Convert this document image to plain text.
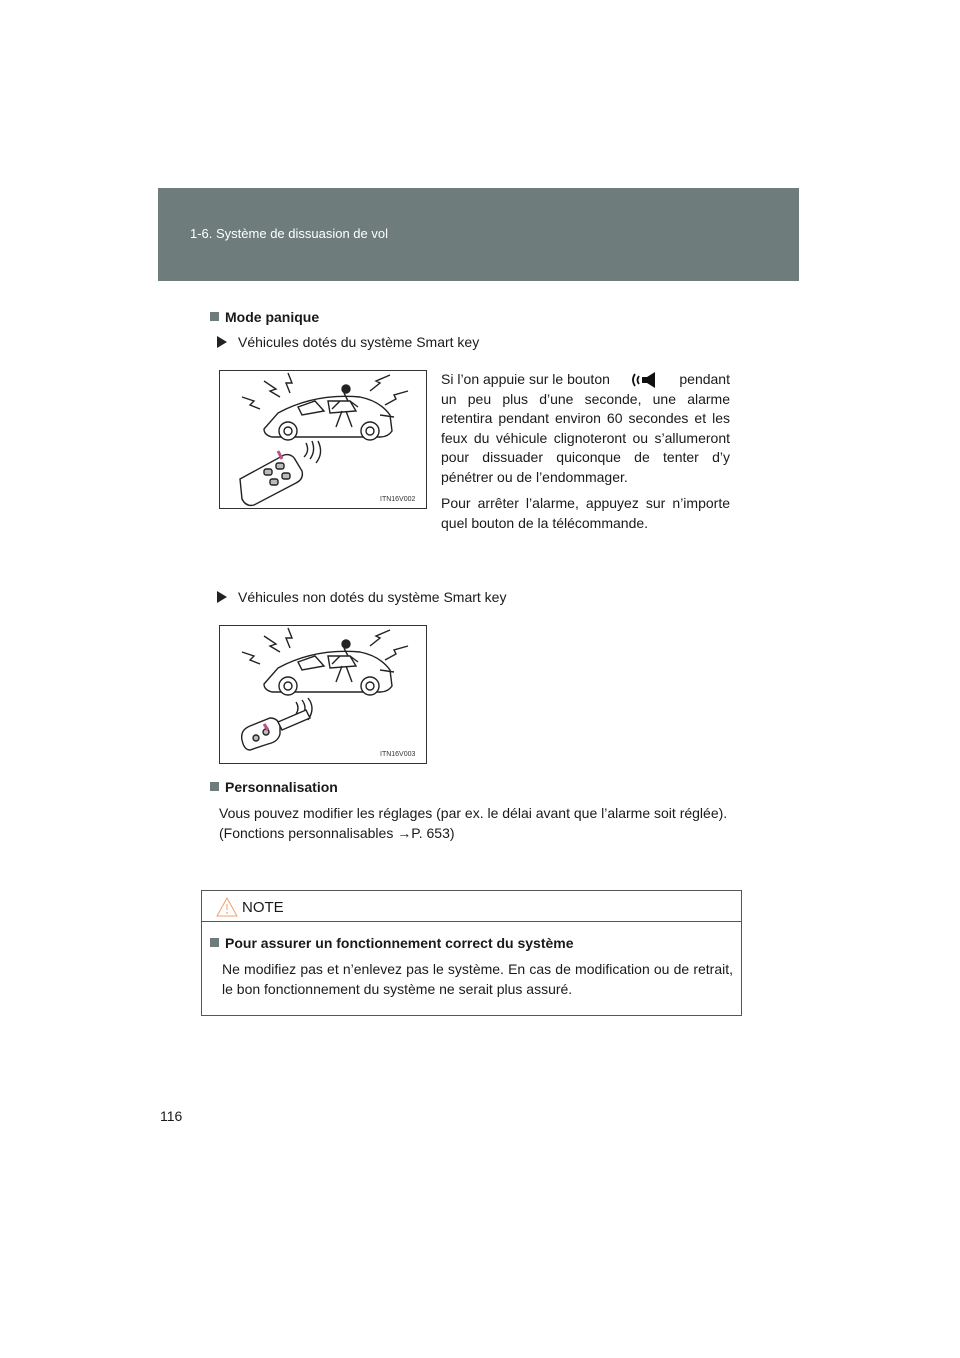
1-6. Système de dissuasion de vol
Mode panique
Véhicules dotés du système Smart key
ITN16V002

Si l’on appuie sur le bouton	pendant

un peu plus d’une seconde, une alarme retentira pendant environ 60 secondes et les feux du véhicule clignoteront ou s’allumeront pour dissuader quiconque de tenter d’y pénétrer ou de l’endommager.

Pour arrêter l’alarme, appuyez sur n’importe quel bouton de la télécommande.

Véhicules non dotés du système Smart key
ITN16V003
Personnalisation

Vous pouvez modifier les réglages (par ex. le délai avant que l’alarme soit réglée).

(Fonctions personnalisables →P. 653)

NOTE
Pour assurer un fonctionnement correct du système
Ne modifiez pas et n’enlevez pas le système. En cas de modification ou de retrait, le bon fonctionnement du système ne serait plus assuré.
116
